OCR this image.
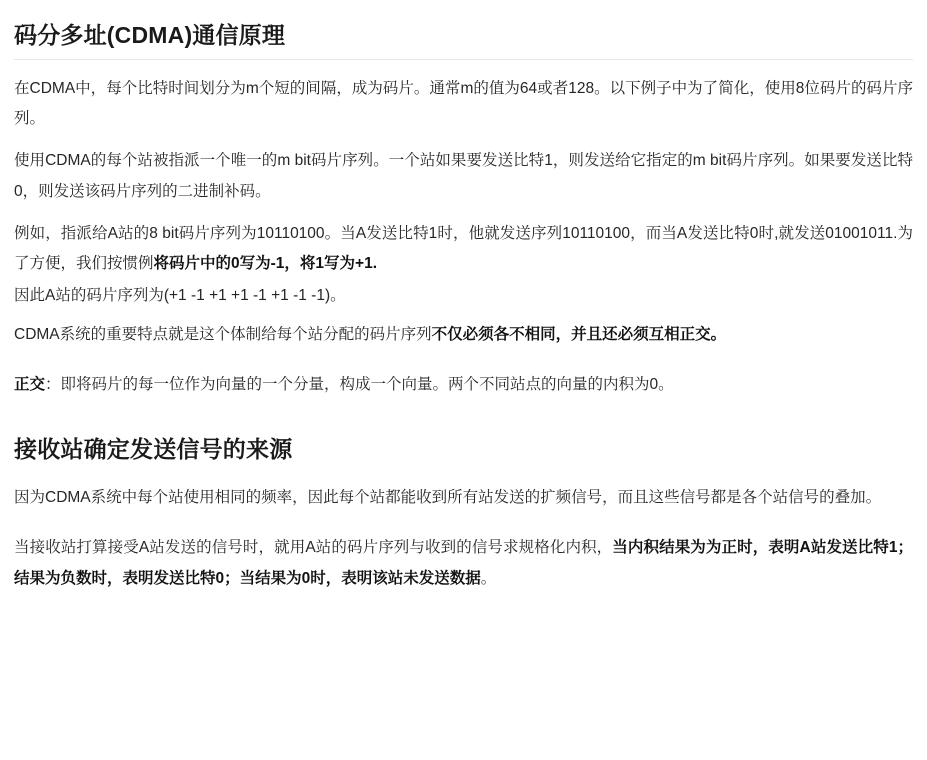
码分多址(CDMA)通信原理

在CDMA中，每个比特时间划分为m个短的间隔，成为码片。通常m的值为64或者128。以下例子中为了简化，使用8位码片的码片序列。

使用CDMA的每个站被指派一个唯一的m bit码片序列。一个站如果要发送比特1，则发送给它指定的m bit码片序列。如果要发送比特0，则发送该码片序列的二进制补码。

例如，指派给A站的8 bit码片序列为10110100。当A发送比特1时，他就发送序列10110100，而当A发送比特0时,就发送01001011.为了方便，我们按惯例将码片中的0写为-1，将1写为+1.

因此A站的码片序列为(+1 -1 +1 +1 -1 +1 -1 -1)。

CDMA系统的重要特点就是这个体制给每个站分配的码片序列不仅必须各不相同，并且还必须互相正交。

正交：即将码片的每一位作为向量的一个分量，构成一个向量。两个不同站点的向量的内积为0。

接收站确定发送信号的来源

因为CDMA系统中每个站使用相同的频率，因此每个站都能收到所有站发送的扩频信号，而且这些信号都是各个站信号的叠加。

当接收站打算接受A站发送的信号时，就用A站的码片序列与收到的信号求规格化内积，当内积结果为为正时，表明A站发送比特1；结果为负数时，表明发送比特0；当结果为0时，表明该站未发送数据。
